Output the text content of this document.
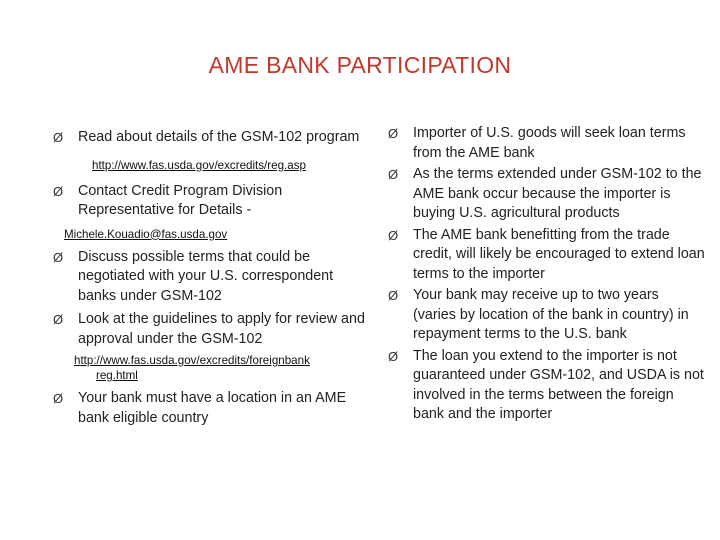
AME BANK PARTICIPATION
Ø Read about details of the GSM-102 program
http://www.fas.usda.gov/excredits/reg.asp
Ø Contact Credit Program Division Representative for Details -
Michele.Kouadio@fas.usda.gov
Ø Discuss possible terms that could be negotiated with your U.S. correspondent banks under GSM-102
Ø Look at the guidelines to apply for review and approval under the GSM-102
http://www.fas.usda.gov/excredits/foreignbank
reg.html
Ø Your bank must have a location in an AME bank eligible country
Ø Importer of U.S. goods will seek loan terms from the AME bank
Ø As the terms extended under GSM-102 to the AME bank occur because the importer is buying U.S. agricultural products
Ø The AME bank benefitting from the trade credit, will likely be encouraged to extend loan terms to the importer
Ø Your bank may receive up to two years (varies by location of the bank in country) in repayment terms to the U.S. bank
Ø The loan you extend to the importer is not guaranteed under GSM-102, and USDA is not involved in the terms between the foreign bank and the importer
